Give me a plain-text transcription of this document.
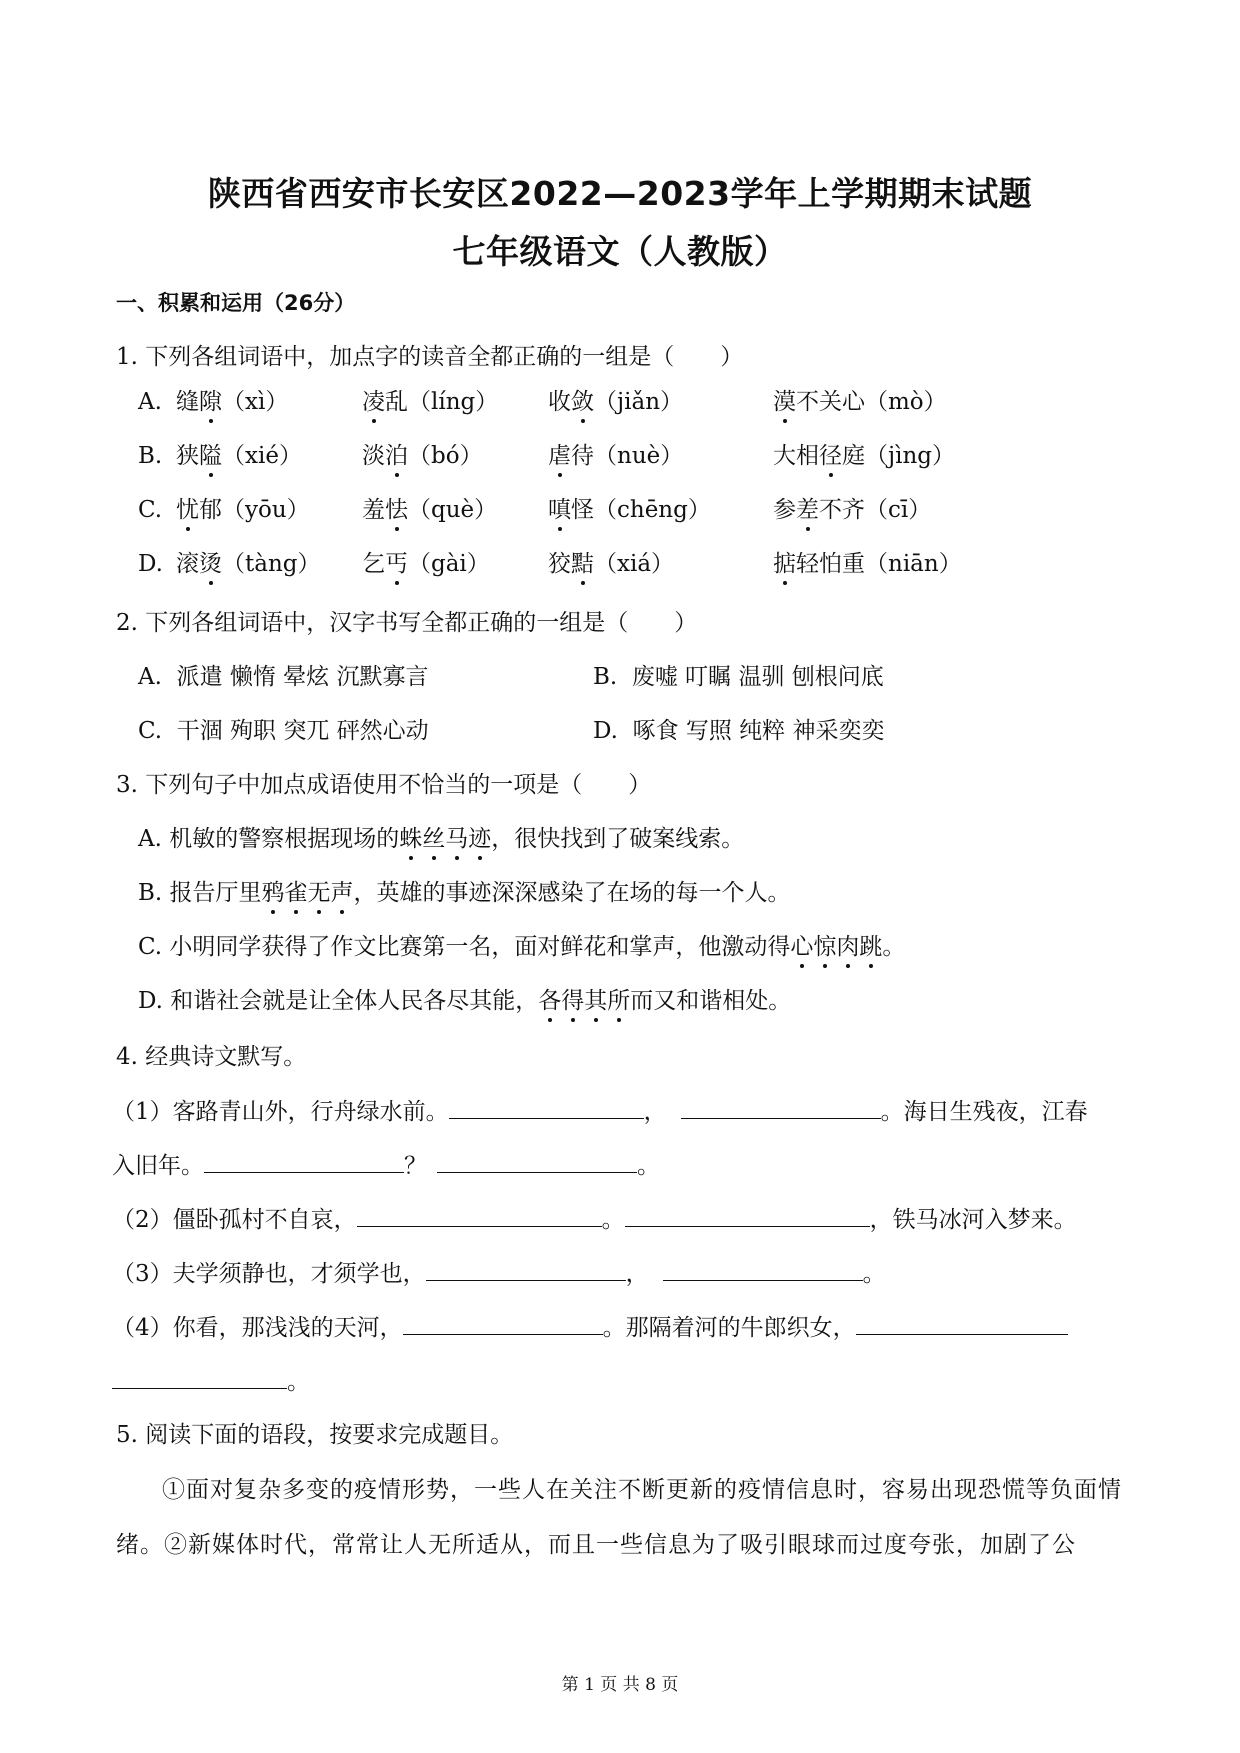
陕西省西安市长安区2022—2023学年上学期期末试题
七年级语文（人教版）
一、积累和运用（26分）
1. 下列各组词语中，加点字的读音全都正确的一组是（　　）
A. 缝隙（xì）	凌乱（líng） 收敛（jiǎn）	漠不关心（mò）
B. 狭隘（xié）	淡泊（bó）	虐待（nuè）	大相径庭（jìng）
C. 忧郁（yōu） 羞怯（què） 嗔怪（chēng）	参差不齐（cī）
D. 滚烫（tàng） 乞丐（gài）	狡黠（xiá）	掂轻怕重（niān）
2. 下列各组词语中，汉字书写全都正确的一组是（　　）
A. 派遣 懒惰 晕炫 沉默寡言	B. 废嘘 叮瞩 温驯 刨根问底
C. 干涸 殉职 突兀 砰然心动	D. 啄食 写照 纯粹 神采奕奕
3. 下列句子中加点成语使用不恰当的一项是（　　）
A. 机敏的警察根据现场的蛛丝马迹，很快找到了破案线索。
B. 报告厅里鸦雀无声，英雄的事迹深深感染了在场的每一个人。
C. 小明同学获得了作文比赛第一名，面对鲜花和掌声，他激动得心惊肉跳。
D. 和谐社会就是让全体人民各尽其能，各得其所而又和谐相处。
4. 经典诗文默写。
（1）客路青山外，行舟绿水前。	，	。海日生残夜，江春
入旧年。	？	。
（2）僵卧孤村不自哀，	。	，铁马冰河入梦来。
（3）夫学须静也，才须学也，	，	。
（4）你看，那浅浅的天河，	。那隔着河的牛郎织女，
。
5. 阅读下面的语段，按要求完成题目。
①面对复杂多变的疫情形势，一些人在关注不断更新的疫情信息时，容易出现恐慌等负面情绪。②新媒体时代，常常让人无所适从，而且一些信息为了吸引眼球而过度夸张，加剧了公
第 1 页 共 8 页
